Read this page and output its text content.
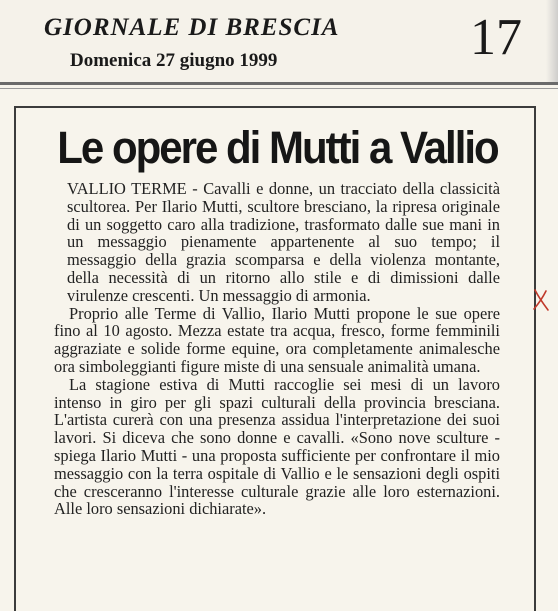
GIORNALE DI BRESCIA
Domenica 27 giugno 1999	17
Le opere di Mutti a Vallio

VALLIO TERME - Cavalli e donne, un tracciato della classicità scultorea. Per Ilario Mutti, scultore bresciano, la ripresa originale di un soggetto caro alla tradizione, trasformato dalle sue mani in un messaggio pienamente appartenente al suo tempo; il messaggio della grazia scomparsa e della violenza montante, della necessità di un ritorno allo stile e di dimissioni dalle virulenze crescenti. Un messaggio di armonia.

Proprio alle Terme di Vallio, Ilario Mutti propone le sue opere fino al 10 agosto. Mezza estate tra acqua, fresco, forme femminili aggraziate e solide forme equine, ora completamente animalesche ora simboleggianti figure miste di una sensuale animalità umana.

La stagione estiva di Mutti raccoglie sei mesi di un lavoro intenso in giro per gli spazi culturali della provincia bresciana. L'artista curerà con una presenza assidua l'interpretazione dei suoi lavori. Si diceva che sono donne e cavalli. «Sono nove sculture - spiega Ilario Mutti - una proposta sufficiente per confrontare il mio messaggio con la terra ospitale di Vallio e le sensazioni degli ospiti che cresceranno l'interesse culturale grazie alle loro esternazioni. Alle loro sensazioni dichiarate».
